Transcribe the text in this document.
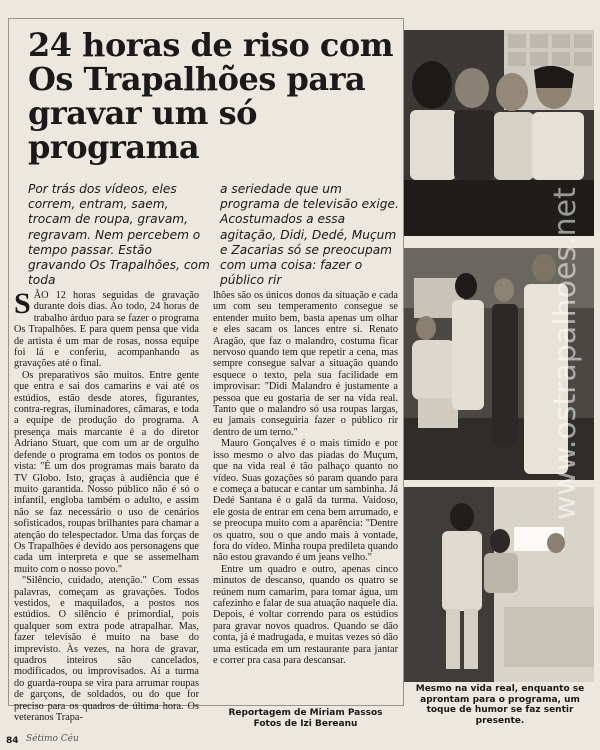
24 horas de riso com Os Trapalhões para gravar um só programa

Por trás dos vídeos, eles correm, entram, saem, trocam de roupa, gravam, regravam. Nem percebem o tempo passar. Estão gravando Os Trapalhões, com toda

a seriedade que um programa de televisão exige. Acostumados a essa agitação, Didi, Dedé, Muçum e Zacarias só se preocupam com uma coisa: fazer o público rir

S ÃO 12 horas seguidas de gravação durante dois dias. Ao todo, 24 horas de trabalho árduo para se fazer o programa Os Trapalhões. E para quem pensa que vida de artista é um mar de rosas, nossa equipe foi lá e conferiu, acompanhando as gravações até o final.

Os preparativos são muitos. Entre gente que entra e sai dos camarins e vai até os estúdios, estão desde atores, figurantes, contra-regras, iluminadores, câmaras, e toda a equipe de produção do programa. A presença mais marcante é a do diretor Adriano Stuart, que com um ar de orgulho defende o programa em todos os pontos de vista: "É um dos programas mais barato da TV Globo. Isto, graças à audiência que é muito garantida. Nosso público não é só o infantil, engloba também o adulto, e assim não se faz necessário o uso de cenários sofisticados, roupas brilhantes para chamar a atenção do telespectador. Uma das forças de Os Trapalhões é devido aos personagens que cada um interpreta e que se assemelham muito com o nosso povo."

"Silêncio, cuidado, atenção." Com essas palavras, começam as gravações. Todos vestidos, e maquilados, a postos nos estúdios. O silêncio é primordial, pois qualquer som extra pode atrapalhar. Mas, fazer televisão é muito na base do imprevisto. Às vezes, na hora de gravar, quadros inteiros são cancelados, modificados, ou improvisados. Aí a turma do guarda-roupa se vira para arrumar roupas de garçons, de soldados, ou do que for preciso para os quadros de última hora. Os veteranos Trapa-

lhões são os únicos donos da situação e cada um com seu temperamento consegue se entender muito bem, basta apenas um olhar e eles sacam os lances entre si. Renato Aragão, que faz o malandro, costuma ficar nervoso quando tem que repetir a cena, mas sempre consegue salvar a situação quando esquece o texto, pela sua facilidade em improvisar: "Didi Malandro é justamente a pessoa que eu gostaria de ser na vida real. Tanto que o malandro só usa roupas largas, eu jamais conseguiria fazer o público rir dentro de um terno."

Mauro Gonçalves é o mais tímido e por isso mesmo o alvo das piadas do Muçum, que na vida real é tão palhaço quanto no vídeo. Suas gozações só param quando para e começa a batucar e cantar um sambinha. Já Dedé Santana é o galã da turma. Vaidoso, ele gosta de entrar em cena bem arrumado, e se preocupa muito com a aparência: "Dentre os quatro, sou o que ando mais à vontade, fora do vídeo. Minha roupa predileta quando não estou gravando é um jeans velho."

Entre um quadro e outro, apenas cinco minutos de descanso, quando os quatro se reúnem num camarim, para tomar água, um cafezinho e falar de sua atuação naquele dia. Depois, é voltar correndo para os estúdios para gravar novos quadros. Quando se dão conta, já é madrugada, e muitas vezes só dão uma esticada em um restaurante para jantar e correr pra casa para descansar.

Reportagem de Miriam Passos
Fotos de Izi Bereanu
Mesmo na vida real, enquanto se aprontam para o programa, um toque de humor se faz sentir presente.
www.ostrapalhoes.net
84 Sétimo Céu
